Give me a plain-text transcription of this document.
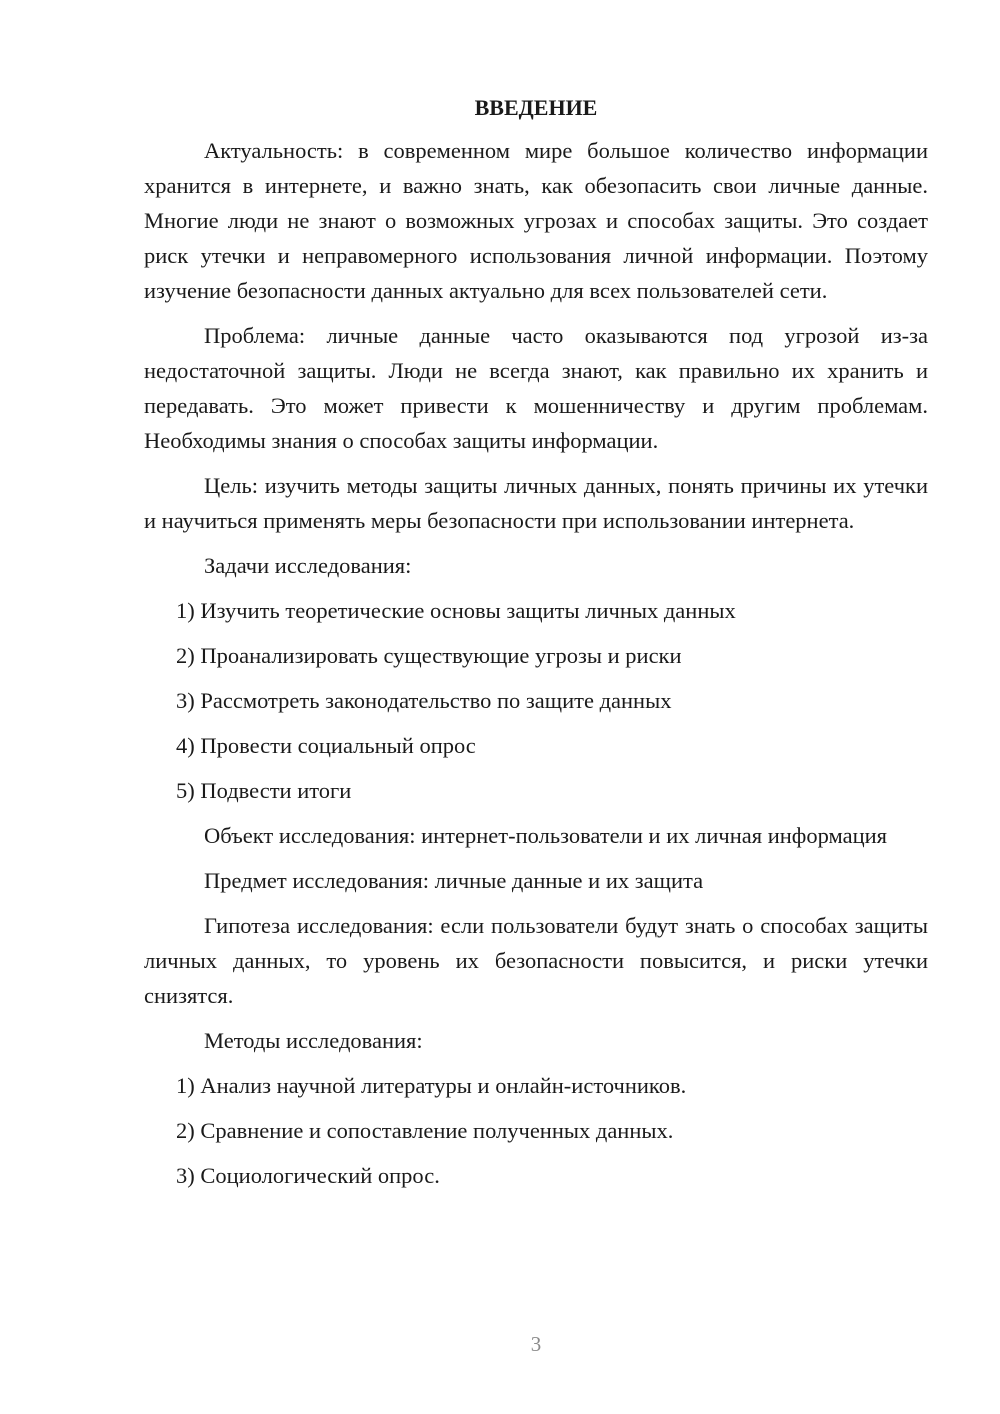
ВВЕДЕНИЕ

Актуальность: в современном мире большое количество информации хранится в интернете, и важно знать, как обезопасить свои личные данные. Многие люди не знают о возможных угрозах и способах защиты. Это создает риск утечки и неправомерного использования личной информации. Поэтому изучение безопасности данных актуально для всех пользователей сети.

Проблема: личные данные часто оказываются под угрозой из-за недостаточной защиты. Люди не всегда знают, как правильно их хранить и передавать. Это может привести к мошенничеству и другим проблемам. Необходимы знания о способах защиты информации.

Цель: изучить методы защиты личных данных, понять причины их утечки и научиться применять меры безопасности при использовании интернета.

Задачи исследования:

1) Изучить теоретические основы защиты личных данных
2) Проанализировать существующие угрозы и риски
3) Рассмотреть законодательство по защите данных
4) Провести социальный опрос
5) Подвести итоги

Объект исследования: интернет-пользователи и их личная информация

Предмет исследования: личные данные и их защита

Гипотеза исследования: если пользователи будут знать о способах защиты личных данных, то уровень их безопасности повысится, и риски утечки снизятся.

Методы исследования:

1) Анализ научной литературы и онлайн-источников.
2) Сравнение и сопоставление полученных данных.
3) Социологический опрос.
3
